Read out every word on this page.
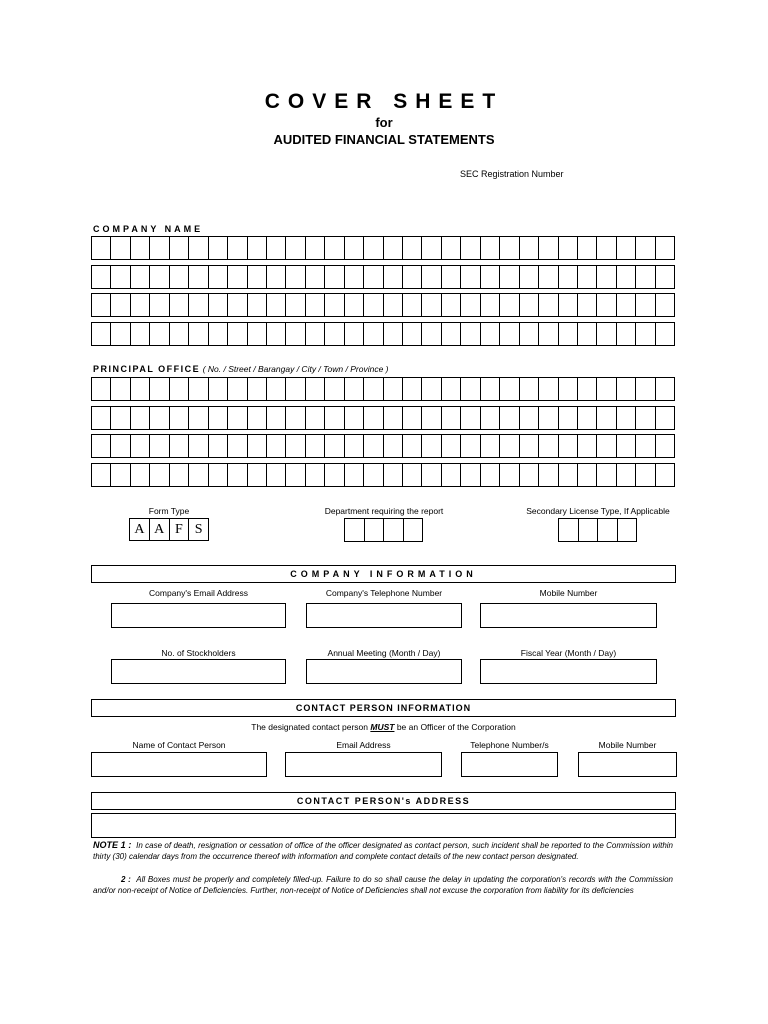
COVER SHEET
for
AUDITED FINANCIAL STATEMENTS
SEC Registration Number
COMPANY NAME
PRINCIPAL OFFICE ( No. / Street / Barangay / City / Town / Province )
Form Type
A A F S
Department requiring the report	Secondary License Type, If Applicable
COMPANY INFORMATION
Company's Email Address	Company's Telephone Number	Mobile Number
No. of Stockholders	Annual Meeting (Month / Day)	Fiscal Year (Month / Day)
CONTACT PERSON INFORMATION
The designated contact person MUST be an Officer of the Corporation
Name of Contact Person	Email Address	Telephone Number/s	Mobile Number
CONTACT PERSON's ADDRESS
NOTE 1 : In case of death, resignation or cessation of office of the officer designated as contact person, such incident shall be reported to the Commission within thirty (30) calendar days from the occurrence thereof with information and complete contact details of the new contact person designated.
2 : All Boxes must be properly and completely filled-up. Failure to do so shall cause the delay in updating the corporation's records with the Commission and/or non-receipt of Notice of Deficiencies. Further, non-receipt of Notice of Deficiencies shall not excuse the corporation from liability for its deficiencies
